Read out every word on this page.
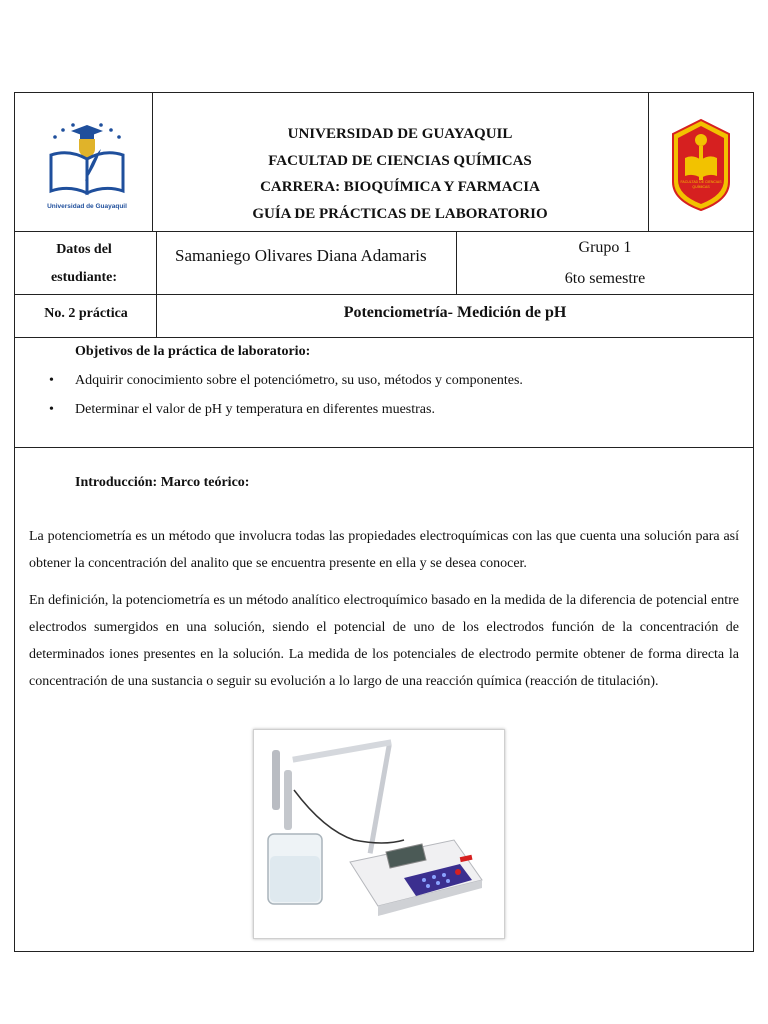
Universidad de Guayaquil
UNIVERSIDAD DE GUAYAQUIL
FACULTAD DE CIENCIAS QUÍMICAS
CARRERA: BIOQUÍMICA Y FARMACIA
GUÍA DE PRÁCTICAS DE LABORATORIO
FACULTAD DE CIENCIAS QUÍMICAS
Datos del
estudiante:
Samaniego Olivares Diana Adamaris	Grupo 1
6to semestre
No. 2 práctica	Potenciometría- Medición de pH
Objetivos de la práctica de laboratorio:
• Adquirir conocimiento sobre el potenciómetro, su uso, métodos y componentes.
• Determinar el valor de pH y temperatura en diferentes muestras.
Introducción: Marco teórico:

La potenciometría es un método que involucra todas las propiedades electroquímicas con las que cuenta una solución para así obtener la concentración del analito que se encuentra presente en ella y se desea conocer.

En definición, la potenciometría es un método analítico electroquímico basado en la medida de la diferencia de potencial entre electrodos sumergidos en una solución, siendo el potencial de uno de los electrodos función de la concentración de determinados iones presentes en la solución. La medida de los potenciales de electrodo permite obtener de forma directa la concentración de una sustancia o seguir su evolución a lo largo de una reacción química (reacción de titulación).
